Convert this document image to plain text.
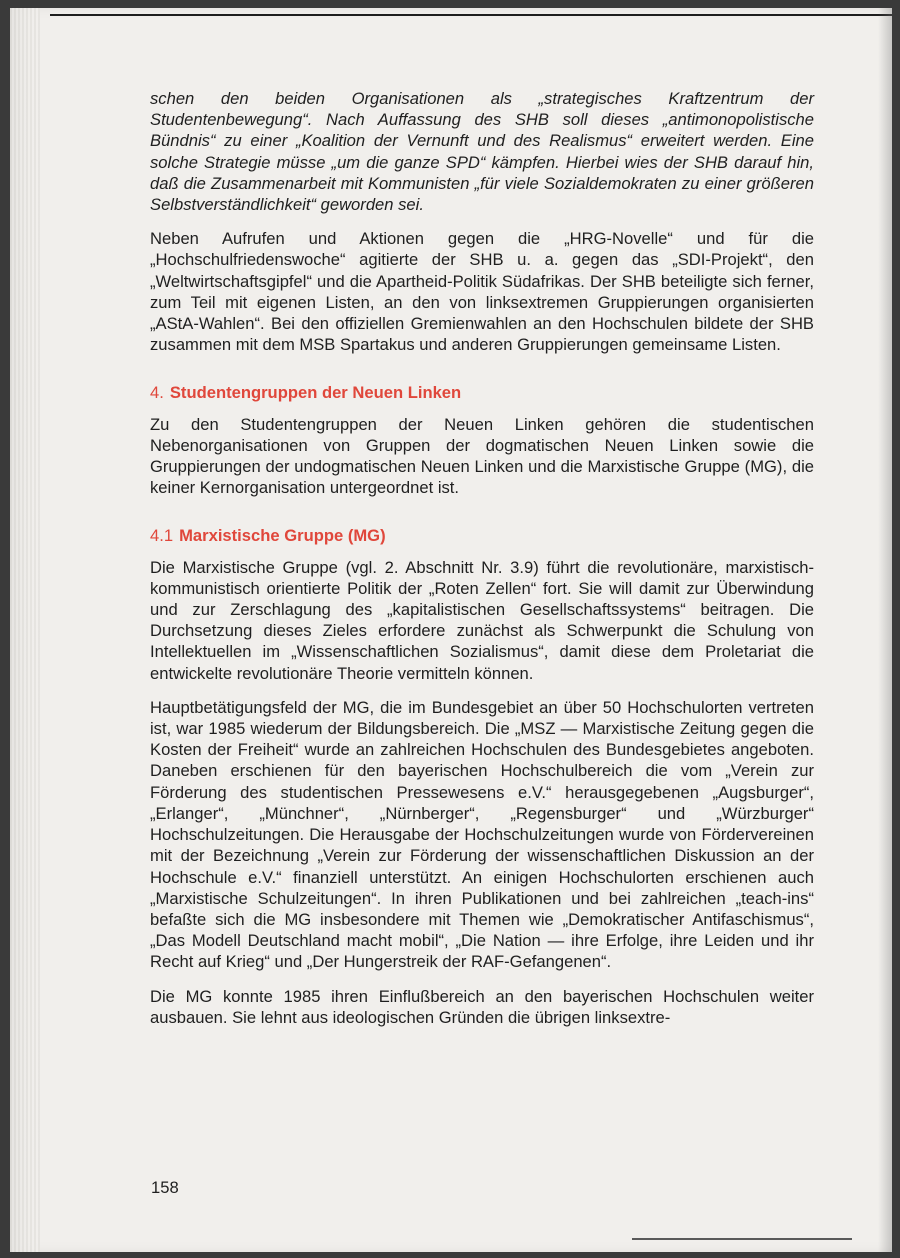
schen den beiden Organisationen als „strategisches Kraftzentrum der Studentenbewegung“. Nach Auffassung des SHB soll dieses „antimonopolistische Bündnis“ zu einer „Koalition der Vernunft und des Realismus“ erweitert werden. Eine solche Strategie müsse „um die ganze SPD“ kämpfen. Hierbei wies der SHB darauf hin, daß die Zusammenarbeit mit Kommunisten „für viele Sozialdemokraten zu einer größeren Selbstverständlichkeit“ geworden sei.

Neben Aufrufen und Aktionen gegen die „HRG-Novelle“ und für die „Hochschulfriedenswoche“ agitierte der SHB u. a. gegen das „SDI-Projekt“, den „Weltwirtschaftsgipfel“ und die Apartheid-Politik Südafrikas. Der SHB beteiligte sich ferner, zum Teil mit eigenen Listen, an den von linksextremen Gruppierungen organisierten „AStA-Wahlen“. Bei den offiziellen Gremienwahlen an den Hochschulen bildete der SHB zusammen mit dem MSB Spartakus und anderen Gruppierungen gemeinsame Listen.

4. Studentengruppen der Neuen Linken

Zu den Studentengruppen der Neuen Linken gehören die studentischen Nebenorganisationen von Gruppen der dogmatischen Neuen Linken sowie die Gruppierungen der undogmatischen Neuen Linken und die Marxistische Gruppe (MG), die keiner Kernorganisation untergeordnet ist.

4.1 Marxistische Gruppe (MG)

Die Marxistische Gruppe (vgl. 2. Abschnitt Nr. 3.9) führt die revolutionäre, marxistisch-kommunistisch orientierte Politik der „Roten Zellen“ fort. Sie will damit zur Überwindung und zur Zerschlagung des „kapitalistischen Gesellschaftssystems“ beitragen. Die Durchsetzung dieses Zieles erfordere zunächst als Schwerpunkt die Schulung von Intellektuellen im „Wissenschaftlichen Sozialismus“, damit diese dem Proletariat die entwickelte revolutionäre Theorie vermitteln können.

Hauptbetätigungsfeld der MG, die im Bundesgebiet an über 50 Hochschulorten vertreten ist, war 1985 wiederum der Bildungsbereich. Die „MSZ — Marxistische Zeitung gegen die Kosten der Freiheit“ wurde an zahlreichen Hochschulen des Bundesgebietes angeboten. Daneben erschienen für den bayerischen Hochschulbereich die vom „Verein zur Förderung des studentischen Pressewesens e.V.“ herausgegebenen „Augsburger“, „Erlanger“, „Münchner“, „Nürnberger“, „Regensburger“ und „Würzburger“ Hochschulzeitungen. Die Herausgabe der Hochschulzeitungen wurde von Fördervereinen mit der Bezeichnung „Verein zur Förderung der wissenschaftlichen Diskussion an der Hochschule e.V.“ finanziell unterstützt. An einigen Hochschulorten erschienen auch „Marxistische Schulzeitungen“. In ihren Publikationen und bei zahlreichen „teach-ins“ befaßte sich die MG insbesondere mit Themen wie „Demokratischer Antifaschismus“, „Das Modell Deutschland macht mobil“, „Die Nation — ihre Erfolge, ihre Leiden und ihr Recht auf Krieg“ und „Der Hungerstreik der RAF-Gefangenen“.

Die MG konnte 1985 ihren Einflußbereich an den bayerischen Hochschulen weiter ausbauen. Sie lehnt aus ideologischen Gründen die übrigen linksextre-

158
